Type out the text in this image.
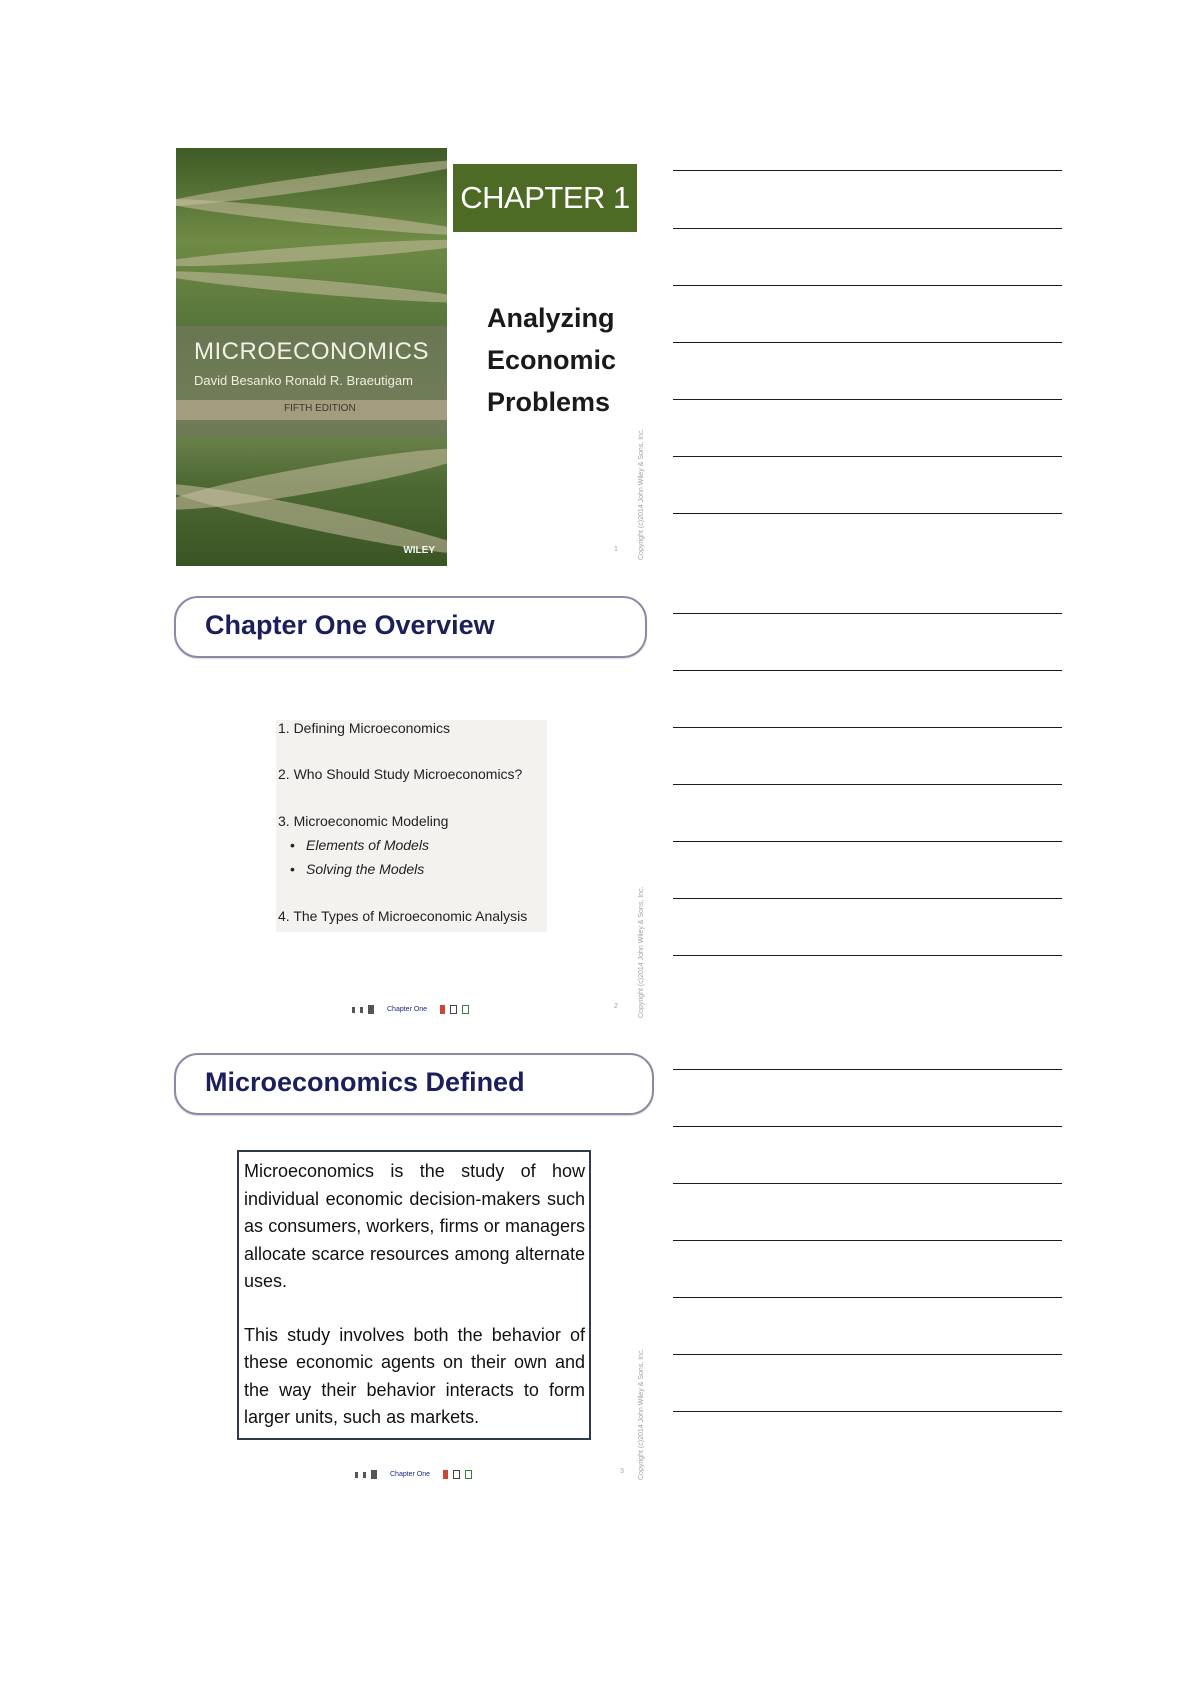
MICROECONOMICS
David Besanko Ronald R. Braeutigam
FIFTH EDITION
WILEY
CHAPTER 1
Analyzing
Economic
Problems
1	Copyright (c)2014 John Wiley & Sons, Inc.
Chapter One Overview
1. Defining Microeconomics
2. Who Should Study Microeconomics?
3. Microeconomic Modeling
• Elements of Models
• Solving the Models
4. The Types of Microeconomic Analysis
Chapter One	2	Copyright (c)2014 John Wiley & Sons, Inc.
Microeconomics Defined

Microeconomics is the study of how individual economic decision-makers such as consumers, workers, firms or managers allocate scarce resources among alternate uses.

This study involves both the behavior of these economic agents on their own and the way their behavior interacts to form larger units, such as markets.

Chapter One	3 Copyright (c)2014 John Wiley & Sons, Inc.
